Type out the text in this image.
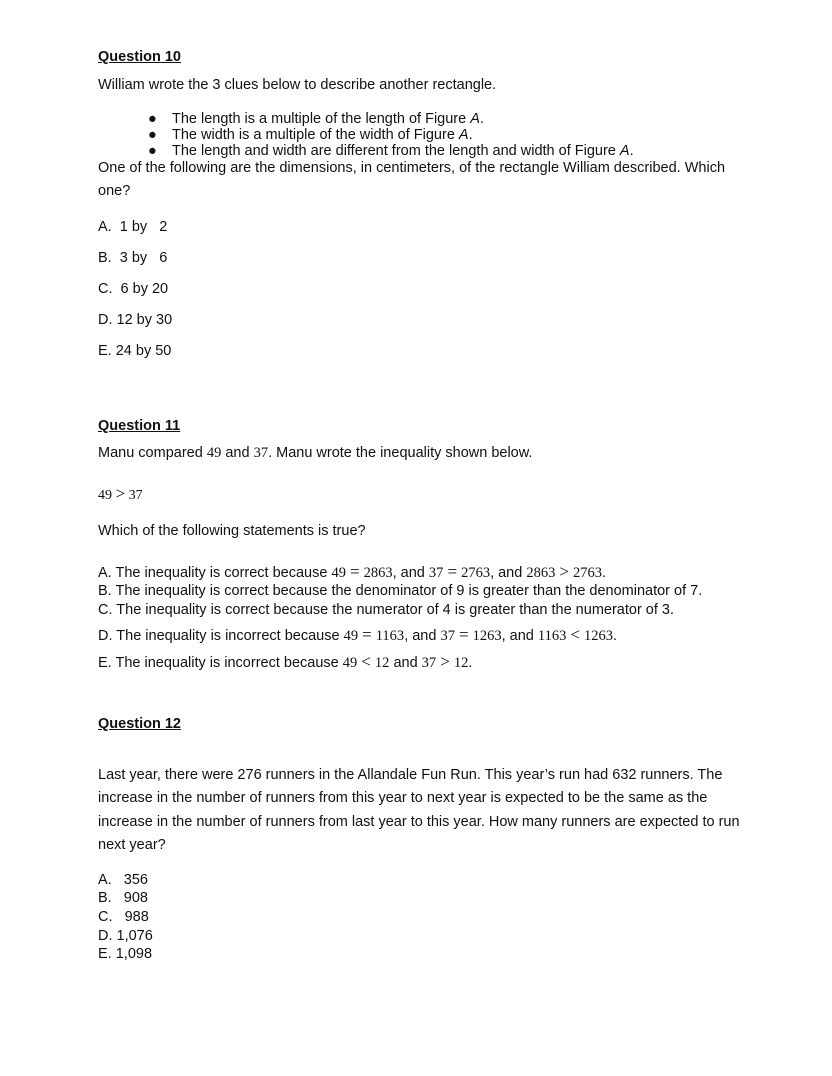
Question 10
William wrote the 3 clues below to describe another rectangle.
● The length is a multiple of the length of Figure A.
● The width is a multiple of the width of Figure A.
● The length and width are different from the length and width of Figure A.
One of the following are the dimensions, in centimeters, of the rectangle William described. Which
one?
A.  1 by   2
B.  3 by   6
C.  6 by 20
D. 12 by 30
E. 24 by 50
Question 11
Manu compared 49 and 37. Manu wrote the inequality shown below.
49 > 37
Which of the following statements is true?
A. The inequality is correct because 49 = 2863, and 37 = 2763, and 2863 > 2763.
B. The inequality is correct because the denominator of 9 is greater than the denominator of 7.
C. The inequality is correct because the numerator of 4 is greater than the numerator of 3.
D. The inequality is incorrect because 49 = 1163, and 37 = 1263, and 1163 < 1263.
E. The inequality is incorrect because 49 < 12 and 37 > 12.
Question 12
Last year, there were 276 runners in the Allandale Fun Run. This year’s run had 632 runners. The
increase in the number of runners from this year to next year is expected to be the same as the
increase in the number of runners from last year to this year. How many runners are expected to run
next year?
A.   356
B.   908
C.   988
D. 1,076
E. 1,098
